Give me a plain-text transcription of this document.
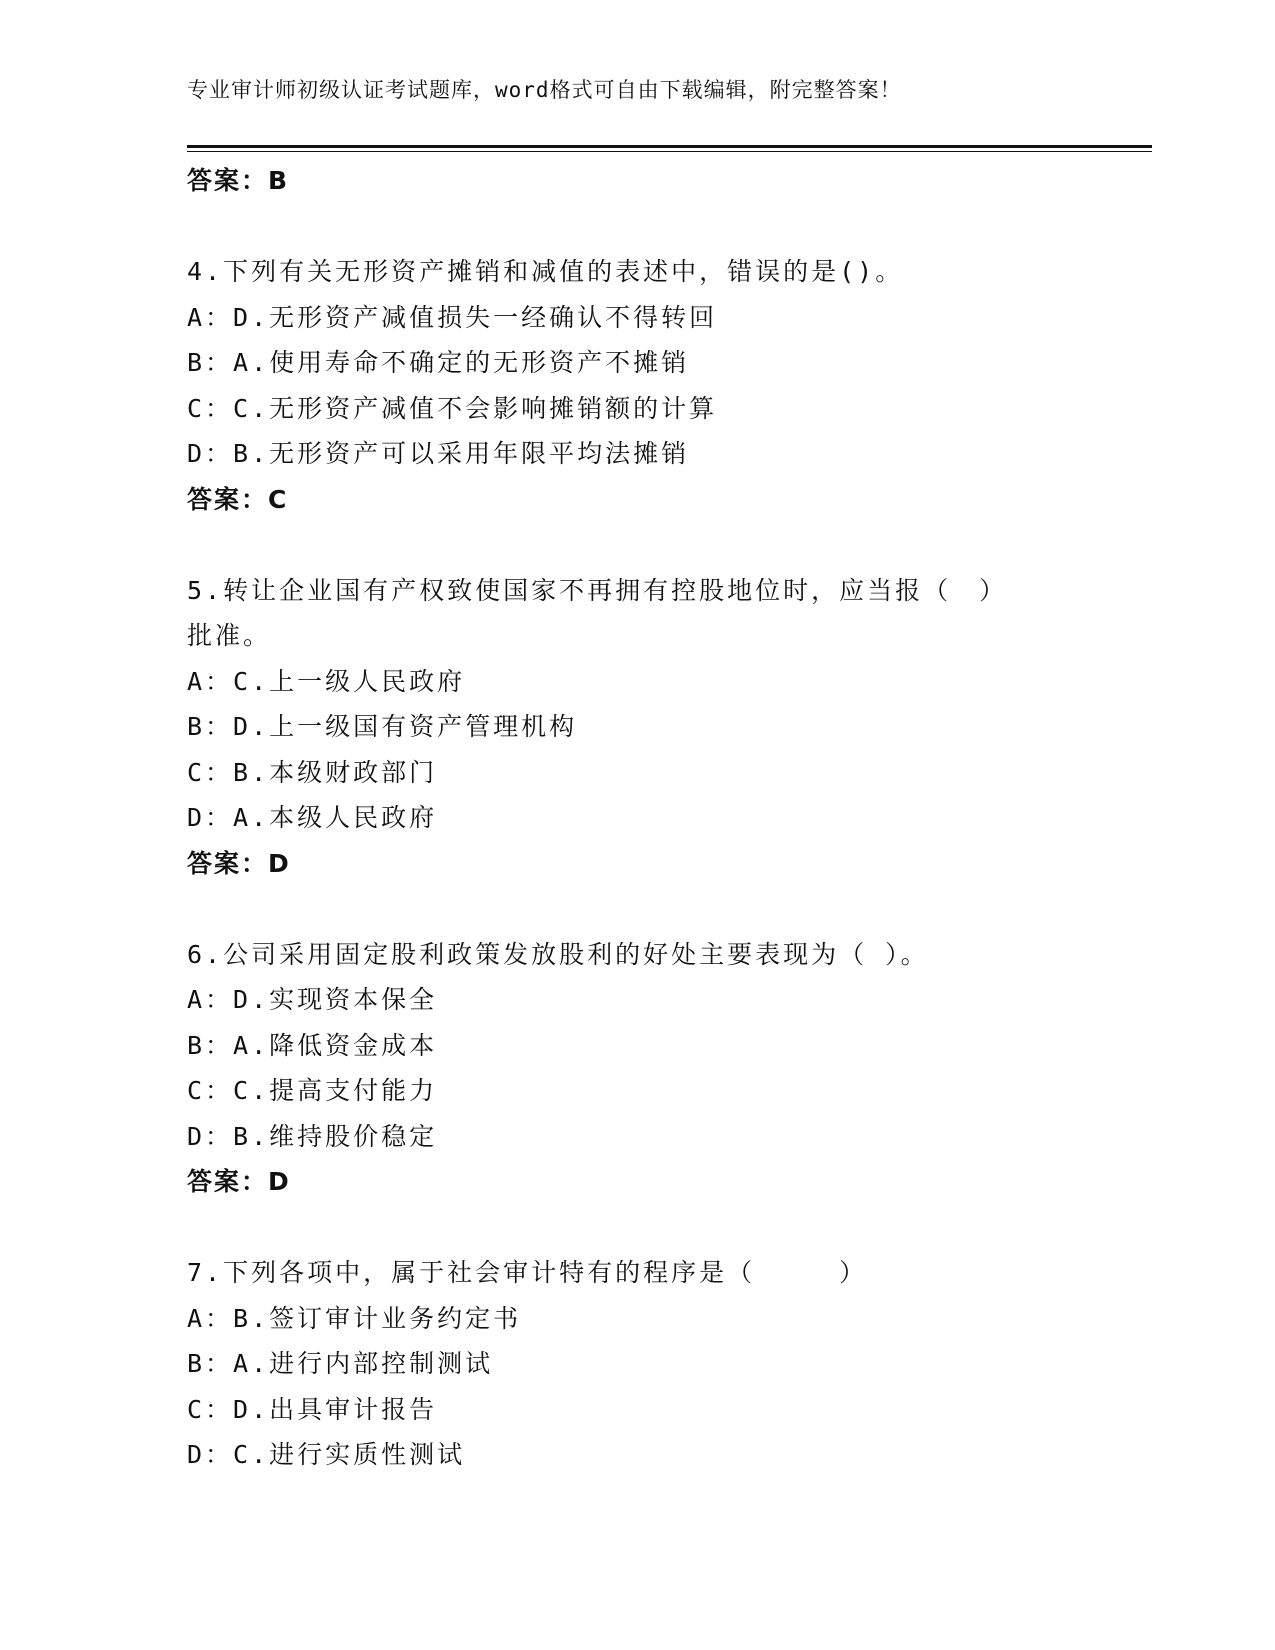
专业审计师初级认证考试题库，word格式可自由下载编辑，附完整答案！
答案：B
4.下列有关无形资产摊销和减值的表述中，错误的是()。
A：D.无形资产减值损失一经确认不得转回
B：A.使用寿命不确定的无形资产不摊销
C：C.无形资产减值不会影响摊销额的计算
D：B.无形资产可以采用年限平均法摊销
答案：C
5.转让企业国有产权致使国家不再拥有控股地位时，应当报（　）批准。
A：C.上一级人民政府
B：D.上一级国有资产管理机构
C：B.本级财政部门
D：A.本级人民政府
答案：D
6.公司采用固定股利政策发放股利的好处主要表现为（ ）。
A：D.实现资本保全
B：A.降低资金成本
C：C.提高支付能力
D：B.维持股价稳定
答案：D
7.下列各项中，属于社会审计特有的程序是（　　　）
A：B.签订审计业务约定书
B：A.进行内部控制测试
C：D.出具审计报告
D：C.进行实质性测试
